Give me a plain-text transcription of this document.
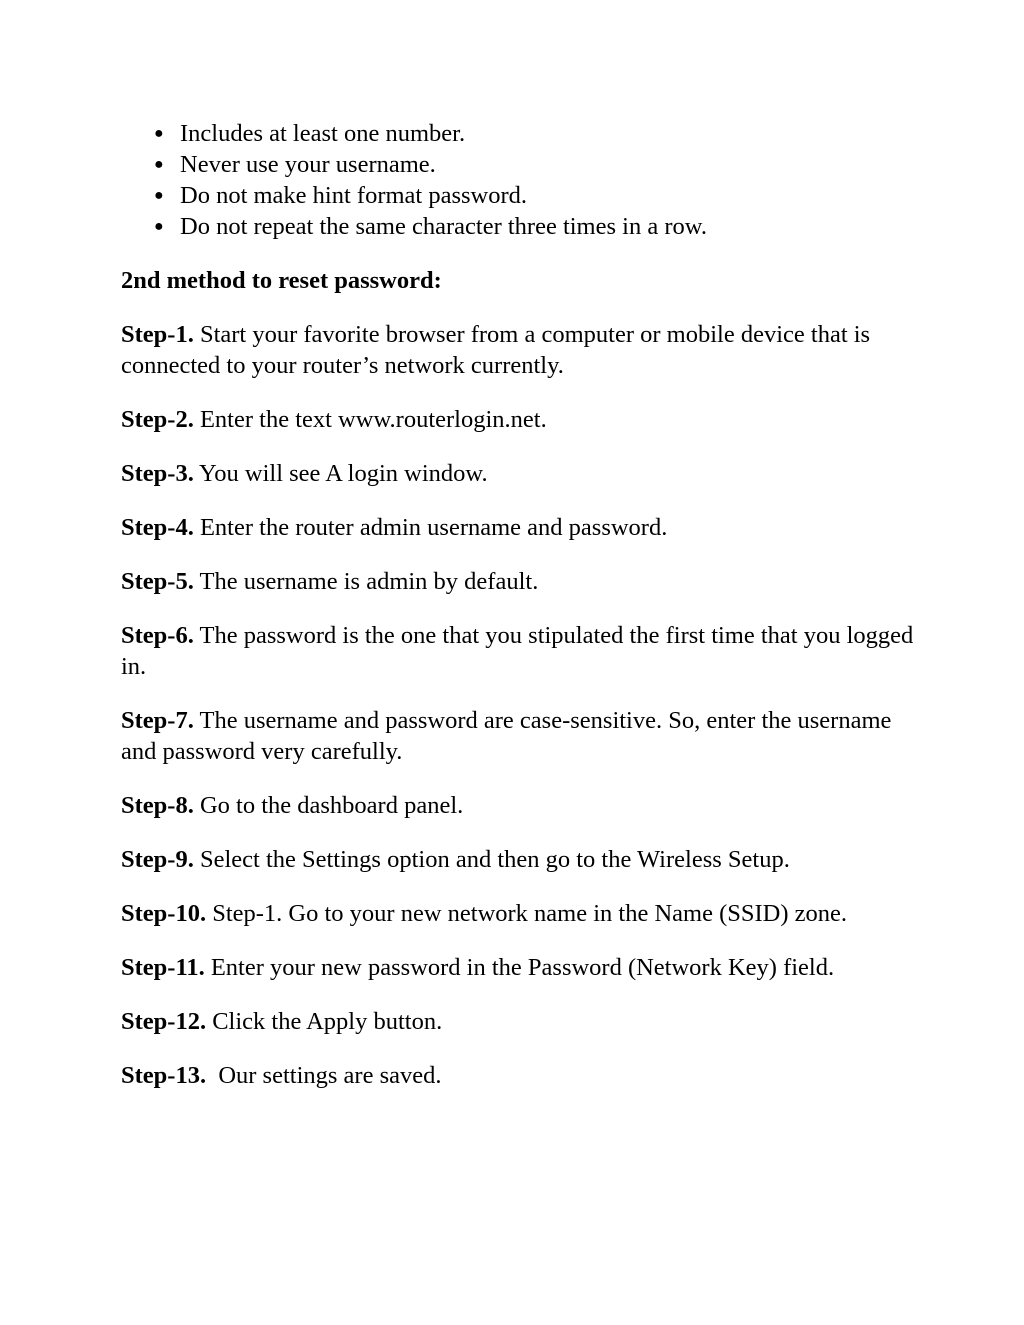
● Includes at least one number.
● Never use your username.
● Do not make hint format password.
● Do not repeat the same character three times in a row.

2nd method to reset password:

Step-1. Start your favorite browser from a computer or mobile device that is connected to your router’s network currently.

Step-2. Enter the text www.routerlogin.net.

Step-3. You will see A login window.

Step-4. Enter the router admin username and password.

Step-5. The username is admin by default.

Step-6. The password is the one that you stipulated the first time that you logged in.

Step-7. The username and password are case-sensitive. So, enter the username and password very carefully.

Step-8. Go to the dashboard panel.

Step-9. Select the Settings option and then go to the Wireless Setup.

Step-10. Step-1. Go to your new network name in the Name (SSID) zone.

Step-11. Enter your new password in the Password (Network Key) field.

Step-12. Click the Apply button.

Step-13.  Our settings are saved.
